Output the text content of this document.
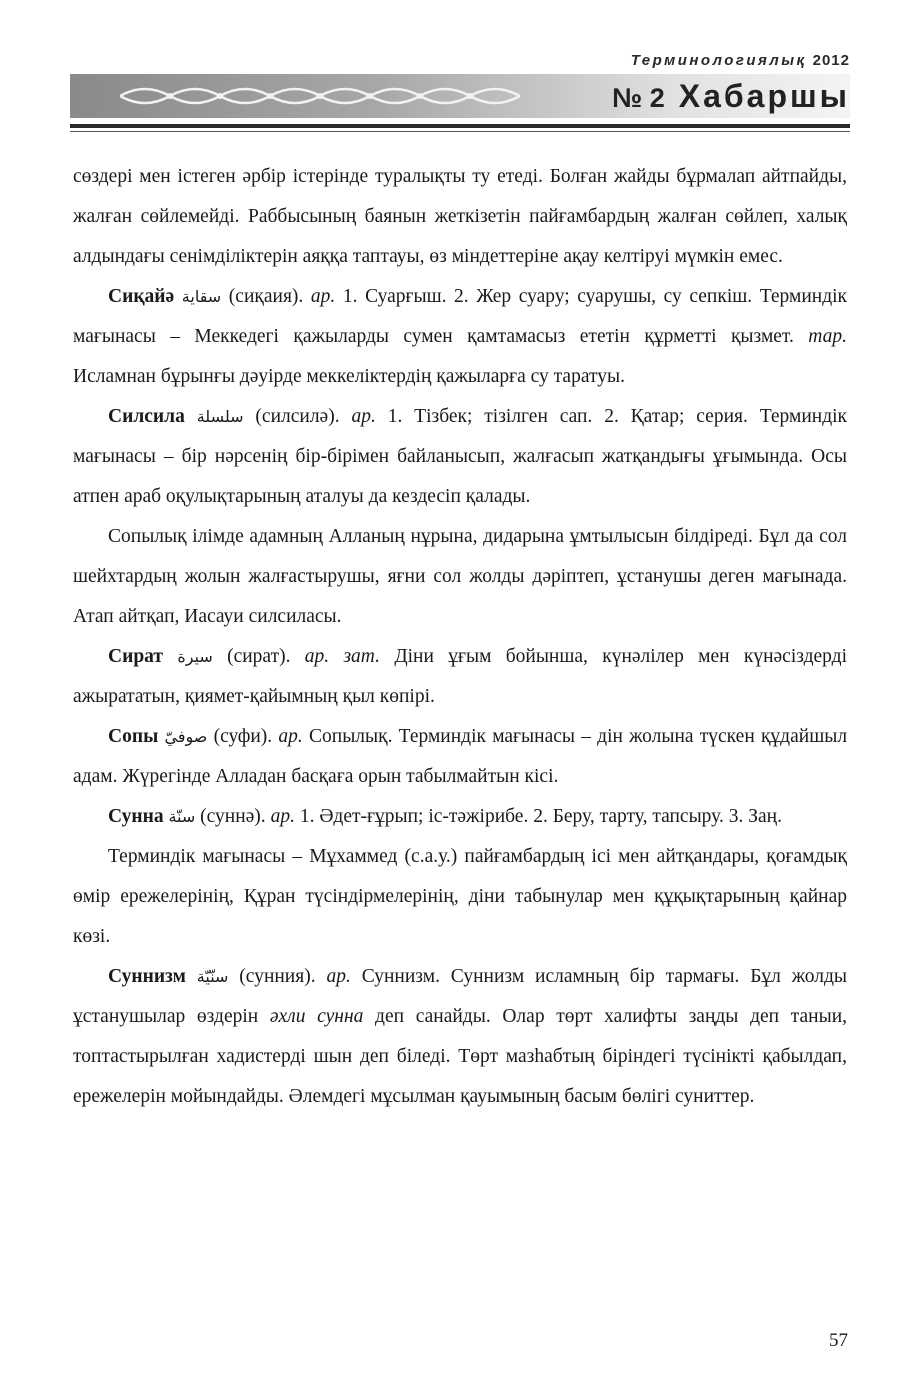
Терминологиялық 2012
№ 2 Хабаршы

сөздері мен істеген әрбір істерінде туралықты ту етеді. Болған жайды бұрмалап айтпайды, жалған сөйлемейді. Раббысының баянын жеткізетін пайғамбардың жалған сөйлеп, халық алдындағы сенімділіктерін аяққа таптауы, өз міндеттеріне ақау келтіруі мүмкін емес.

Сиқайә سقاية (сиқаия). ар. 1. Суарғыш. 2. Жер суару; суарушы, су сепкіш. Терминдік мағынасы – Меккедегі қажыларды сумен қамтамасыз ететін құрметті қызмет. тар. Исламнан бұрынғы дәуірде меккеліктердің қажыларға су таратуы.

Силсила سلسلة (силсилә). ар. 1. Тізбек; тізілген сап. 2. Қатар; серия. Терминдік мағынасы – бір нәрсенің бір-бірімен байланысып, жалғасып жатқандығы ұғымында. Осы атпен араб оқулықтарының аталуы да кездесіп қалады.

Сопылық ілімде адамның Алланың нұрына, дидарына ұмтылысын білдіреді. Бұл да сол шейхтардың жолын жалғастырушы, яғни сол жолды дәріптеп, ұстанушы деген мағынада. Атап айтқап, Иасауи силсиласы.

Сират سيرة (сират). ар. зат. Діни ұғым бойынша, күнәлілер мен күнәсіздерді ажырататын, қиямет-қайымның қыл көпірі.

Сопы صوفيّ (суфи). ар. Сопылық. Терминдік мағынасы – дін жолына түскен құдайшыл адам. Жүрегінде Алладан басқаға орын табылмайтын кісі.

Сунна سنّة (суннә). ар. 1. Әдет-ғұрып; іс-тәжірибе. 2. Беру, тарту, тапсыру. 3. Заң.

Терминдік мағынасы – Мұхаммед (с.а.у.) пайғамбардың ісі мен айтқандары, қоғамдық өмір ережелерінің, Құран түсіндірмелерінің, діни табынулар мен құқықтарының қайнар көзі.

Суннизм سنّيّة (сунния). ар. Суннизм. Суннизм исламның бір тармағы. Бұл жолды ұстанушылар өздерін әхли сунна деп санайды. Олар төрт халифты заңды деп таныи, топтастырылған хадистерді шын деп біледі. Төрт мазһабтың біріндегі түсінікті қабылдап, ережелерін мойындайды. Әлемдегі мұсылман қауымының басым бөлігі суниттер.

57
